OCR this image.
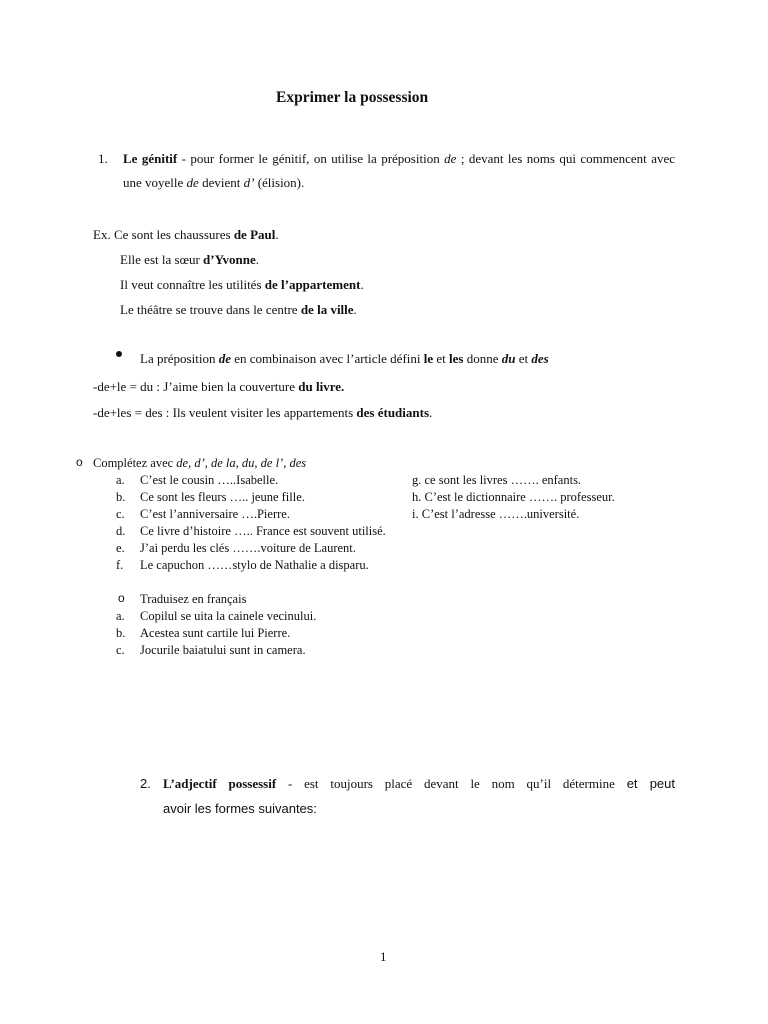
Exprimer la possession
1. Le génitif - pour former le génitif, on utilise la préposition de ; devant les noms qui commencent avec une voyelle de devient d’ (élision).
Ex. Ce sont les chaussures de Paul.
Elle est la sœur d’Yvonne.
Il veut connaître les utilités de l’appartement.
Le théâtre se trouve dans le centre de la ville.
La préposition de en combinaison avec l’article défini le et les donne du et des
-de+le = du : J’aime bien la couverture du livre.
-de+les = des : Ils veulent visiter les appartements des étudiants.
o Complétez avec de, d’, de la, du, de l’, des
a. C’est le cousin …..Isabelle.
b. Ce sont les fleurs ….. jeune fille.
c. C’est l’anniversaire ….Pierre.
d. Ce livre d’histoire ….. France est souvent utilisé.
e. J’ai perdu les clés …….voiture de Laurent.
f. Le capuchon ……stylo de Nathalie a disparu.
g. ce sont les livres ……. enfants.
h. C’est le dictionnaire ……. professeur.
i. C’est l’adresse …….université.
o Traduisez en français
a. Copilul se uita la cainele vecinului.
b. Acestea sunt cartile lui Pierre.
c. Jocurile baiatului sunt in camera.
2. L’adjectif possessif - est toujours placé devant le nom qu’il détermine et peut
avoir les formes suivantes:
1
